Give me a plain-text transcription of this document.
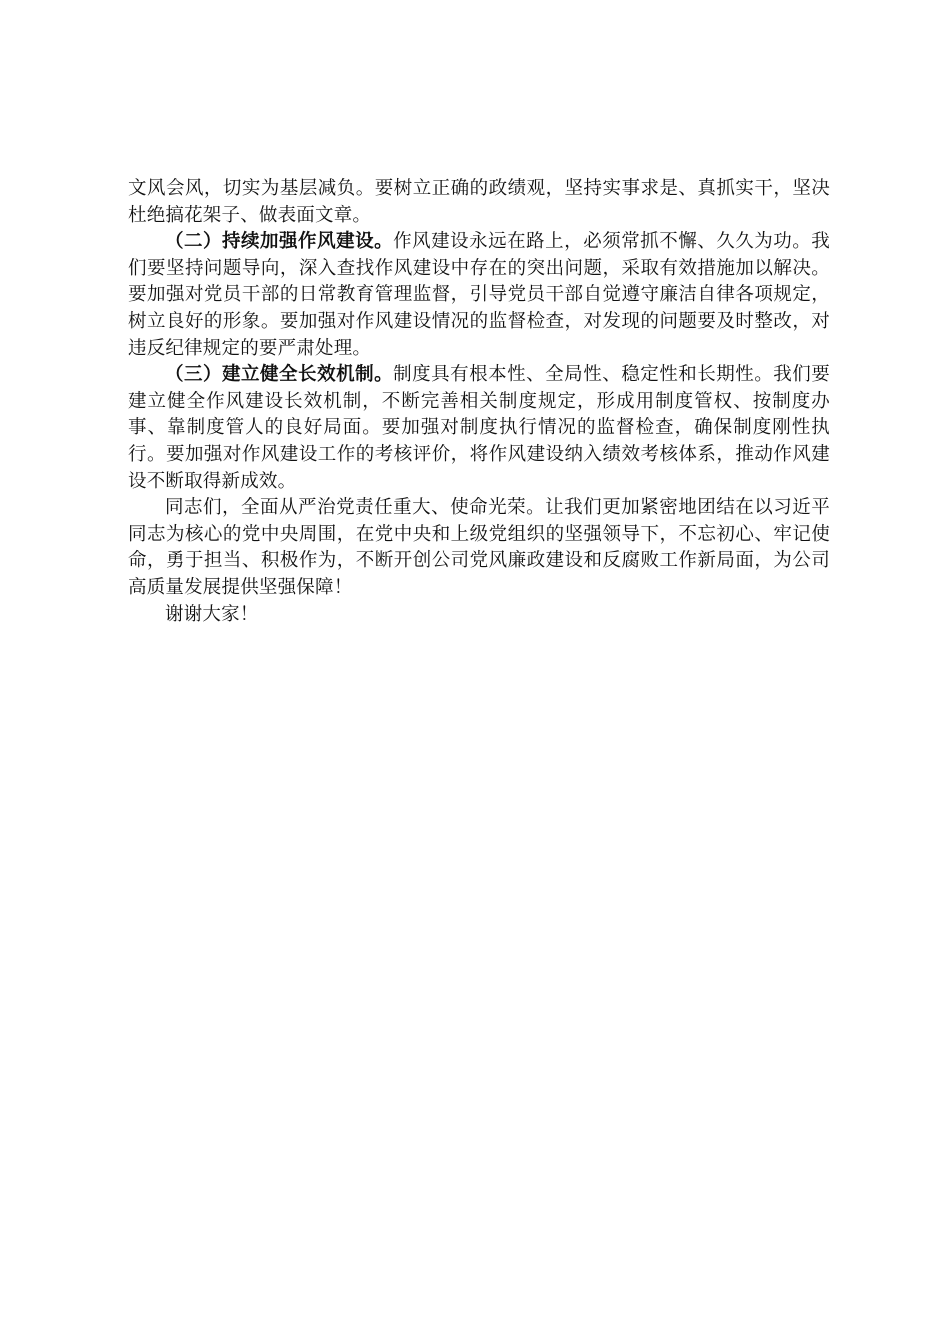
文风会风，切实为基层减负。要树立正确的政绩观，坚持实事求是、真抓实干，坚决杜绝搞花架子、做表面文章。

（二）持续加强作风建设。作风建设永远在路上，必须常抓不懈、久久为功。我们要坚持问题导向，深入查找作风建设中存在的突出问题，采取有效措施加以解决。要加强对党员干部的日常教育管理监督，引导党员干部自觉遵守廉洁自律各项规定，树立良好的形象。要加强对作风建设情况的监督检查，对发现的问题要及时整改，对违反纪律规定的要严肃处理。

（三）建立健全长效机制。制度具有根本性、全局性、稳定性和长期性。我们要建立健全作风建设长效机制，不断完善相关制度规定，形成用制度管权、按制度办事、靠制度管人的良好局面。要加强对制度执行情况的监督检查，确保制度刚性执行。要加强对作风建设工作的考核评价，将作风建设纳入绩效考核体系，推动作风建设不断取得新成效。

同志们，全面从严治党责任重大、使命光荣。让我们更加紧密地团结在以习近平同志为核心的党中央周围，在党中央和上级党组织的坚强领导下，不忘初心、牢记使命，勇于担当、积极作为，不断开创公司党风廉政建设和反腐败工作新局面，为公司高质量发展提供坚强保障！

谢谢大家！
